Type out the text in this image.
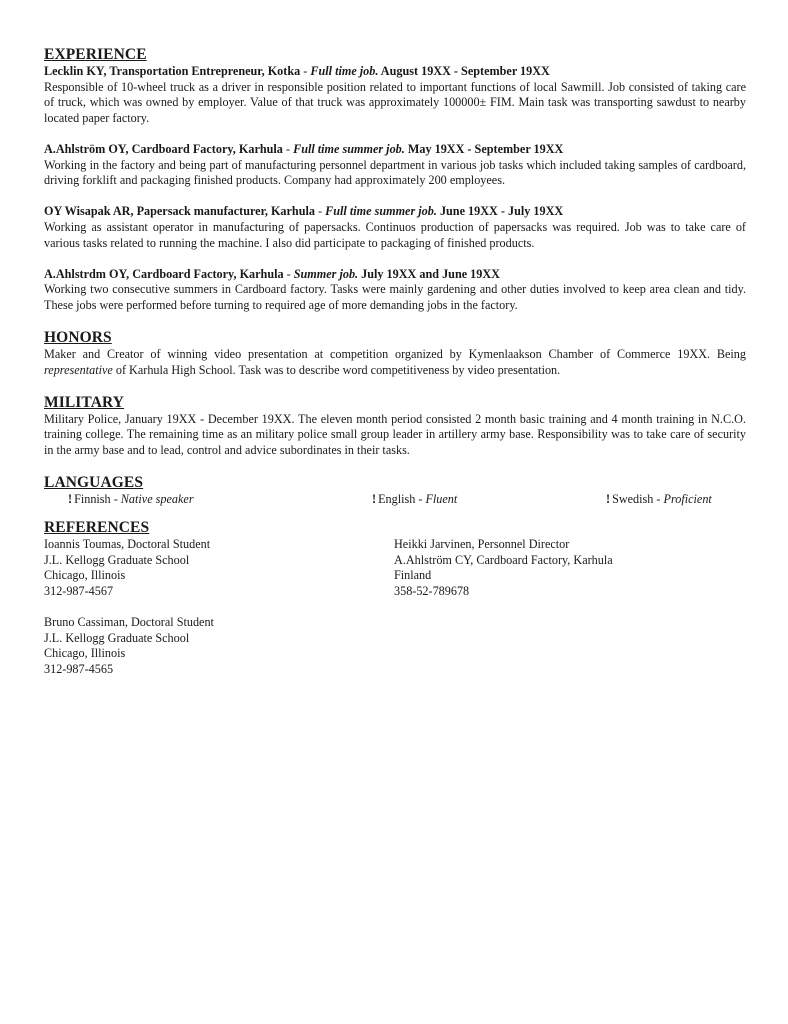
EXPERIENCE
Lecklin KY, Transportation Entrepreneur, Kotka - Full time job. August 19XX - September 19XX

Responsible of 10-wheel truck as a driver in responsible position related to important functions of local Sawmill. Job consisted of taking care of truck, which was owned by employer. Value of that truck was approximately 100000± FIM. Main task was transporting sawdust to nearby located paper factory.

A.Ahlström OY, Cardboard Factory, Karhula - Full time summer job. May 19XX - September 19XX

Working in the factory and being part of manufacturing personnel department in various job tasks which included taking samples of cardboard, driving forklift and packaging finished products. Company had approximately 200 employees.

OY Wisapak AR, Papersack manufacturer, Karhula - Full time summer job. June 19XX - July 19XX

Working as assistant operator in manufacturing of papersacks. Continuos production of papersacks was required. Job was to take care of various tasks related to running the machine. I also did participate to packaging of finished products.

A.Ahlstrdm OY, Cardboard Factory, Karhula - Summer job. July 19XX and June 19XX

Working two consecutive summers in Cardboard factory. Tasks were mainly gardening and other duties involved to keep area clean and tidy. These jobs were performed before turning to required age of more demanding jobs in the factory.

HONORS

Maker and Creator of winning video presentation at competition organized by Kymenlaakson Chamber of Commerce 19XX. Being representative of Karhula High School. Task was to describe word competitiveness by video presentation.

MILITARY

Military Police, January 19XX - December 19XX. The eleven month period consisted 2 month basic training and 4 month training in N.C.O. training college. The remaining time as an military police small group leader in artillery army base. Responsibility was to take care of security in the army base and to lead, control and advice subordinates in their tasks.

LANGUAGES
! Finnish - Native speaker	! English - Fluent	! Swedish - Proficient
REFERENCES
Ioannis Toumas, Doctoral Student
J.L. Kellogg Graduate School
Chicago, Illinois
312-987-4567
Heikki Jarvinen, Personnel Director
A.Ahlström CY, Cardboard Factory, Karhula
Finland
358-52-789678
Bruno Cassiman, Doctoral Student
J.L. Kellogg Graduate School
Chicago, Illinois
312-987-4565
